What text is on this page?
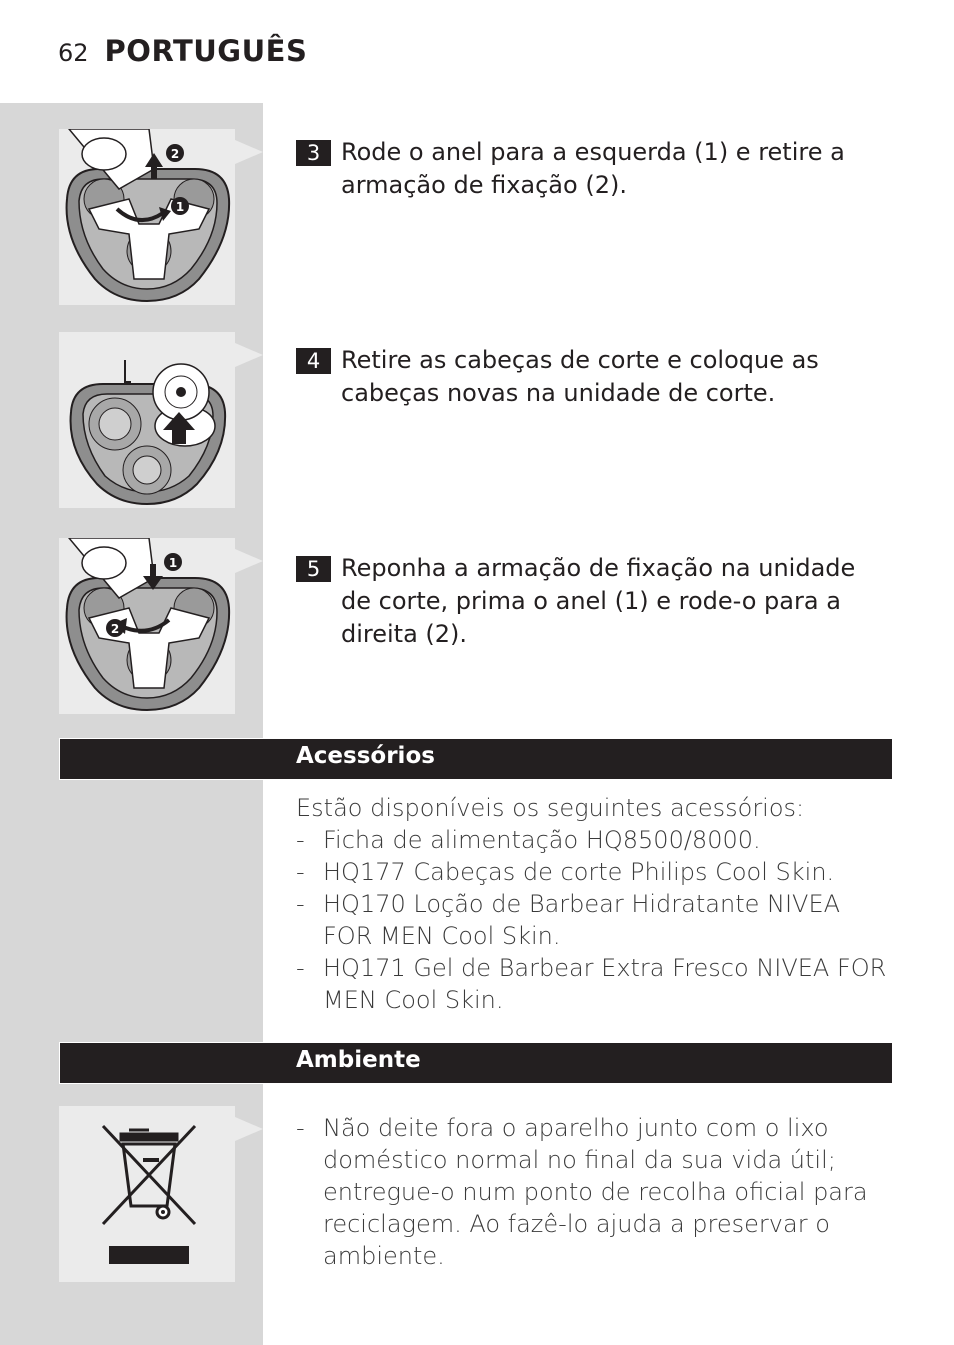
62 PORTUGUÊS
2
1
3 Rode o anel para a esquerda (1) e retire a armação de fixação (2).
4 Retire as cabeças de corte e coloque as cabeças novas na unidade de corte.
1
2
5 Reponha a armação de fixação na unidade de corte, prima o anel (1) e rode-o para a direita (2).
Acessórios
Estão disponíveis os seguintes acessórios:
- Ficha de alimentação HQ8500/8000.
- HQ177 Cabeças de corte Philips Cool Skin.
- HQ170 Loção de Barbear Hidratante NIVEA FOR MEN Cool Skin.
- HQ171 Gel de Barbear Extra Fresco NIVEA FOR MEN Cool Skin.
Ambiente
- Não deite fora o aparelho junto com o lixo doméstico normal no final da sua vida útil; entregue-o num ponto de recolha oficial para reciclagem. Ao fazê-lo ajuda a preservar o ambiente.
